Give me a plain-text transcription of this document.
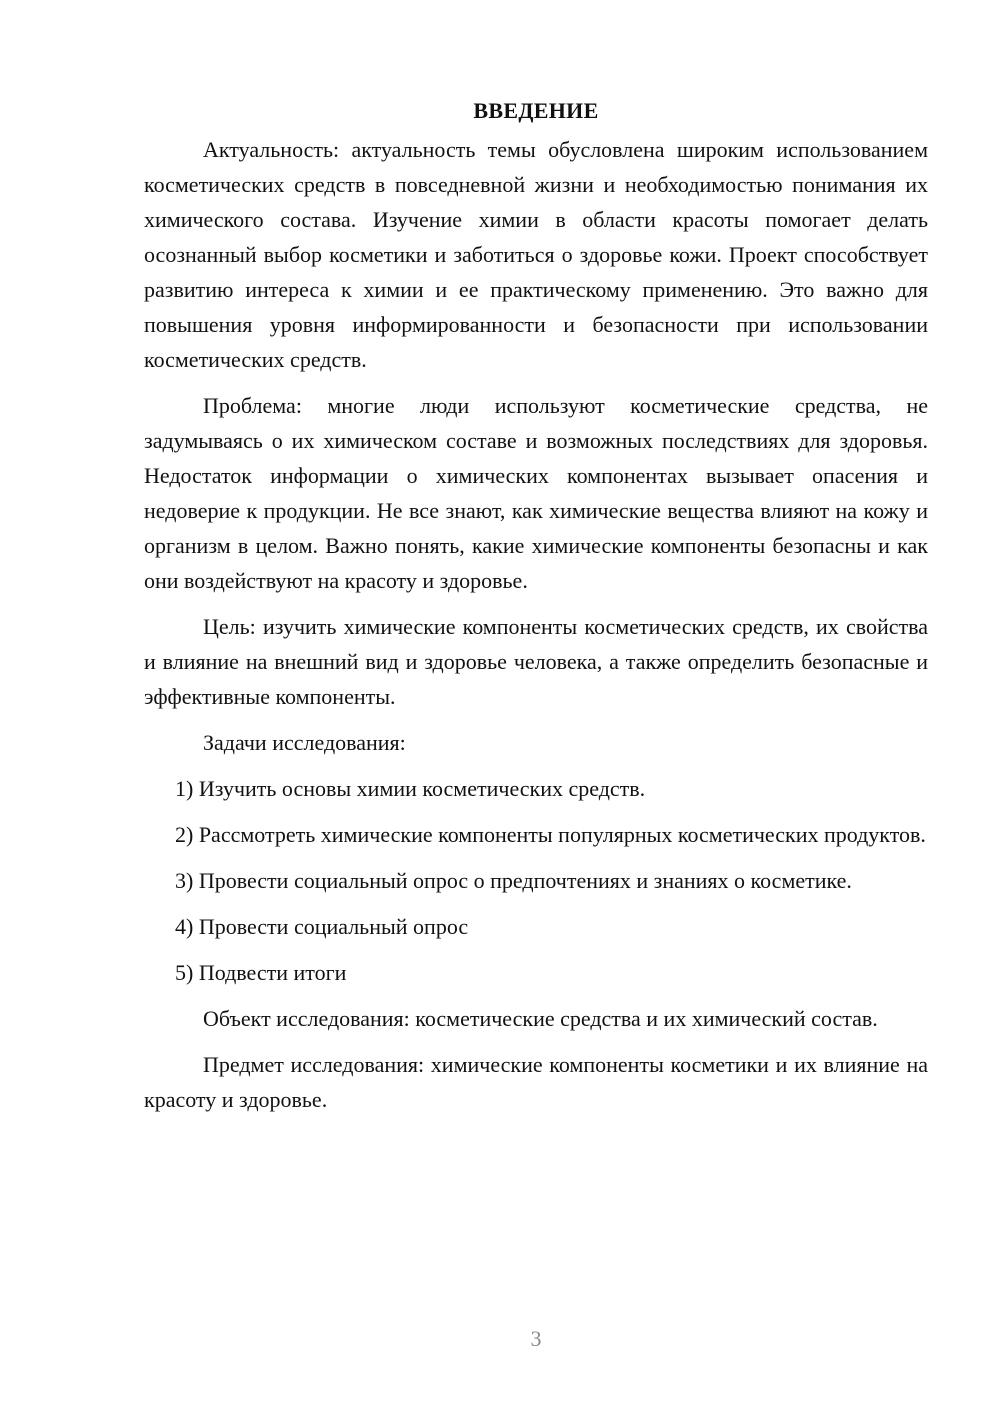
ВВЕДЕНИЕ

Актуальность: актуальность темы обусловлена широким использованием косметических средств в повседневной жизни и необходимостью понимания их химического состава. Изучение химии в области красоты помогает делать осознанный выбор косметики и заботиться о здоровье кожи. Проект способствует развитию интереса к химии и ее практическому применению. Это важно для повышения уровня информированности и безопасности при использовании косметических средств.

Проблема: многие люди используют косметические средства, не задумываясь о их химическом составе и возможных последствиях для здоровья. Недостаток информации о химических компонентах вызывает опасения и недоверие к продукции. Не все знают, как химические вещества влияют на кожу и организм в целом. Важно понять, какие химические компоненты безопасны и как они воздействуют на красоту и здоровье.

Цель: изучить химические компоненты косметических средств, их свойства и влияние на внешний вид и здоровье человека, а также определить безопасные и эффективные компоненты.

Задачи исследования:

1) Изучить основы химии косметических средств.

2) Рассмотреть химические компоненты популярных косметических продуктов.

3) Провести социальный опрос о предпочтениях и знаниях о косметике.

4) Провести социальный опрос

5) Подвести итоги

Объект исследования: косметические средства и их химический состав.

Предмет исследования: химические компоненты косметики и их влияние на красоту и здоровье.

3
